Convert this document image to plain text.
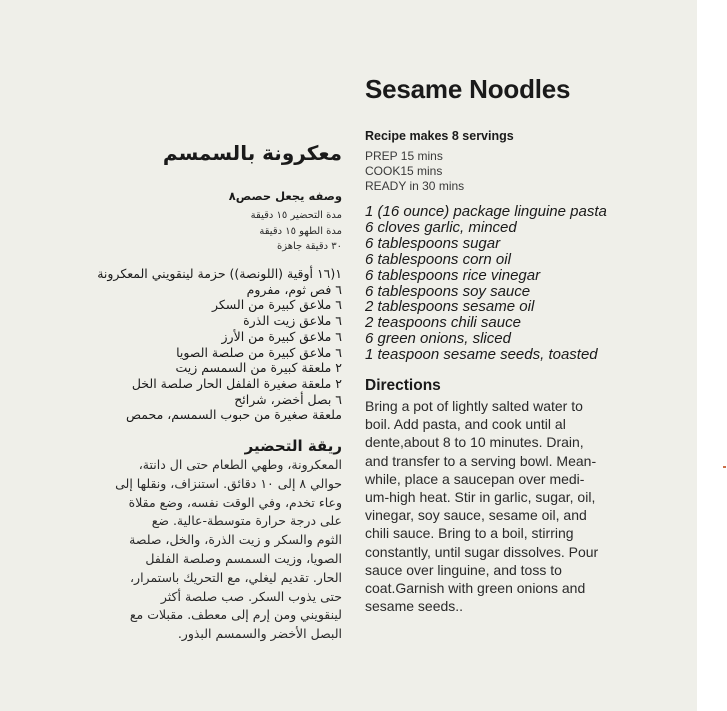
Sesame Noodles
Recipe makes 8 servings
PREP 15 mins
COOK15 mins
READY in 30 mins
1 (16 ounce) package linguine pasta
6 cloves garlic, minced
6 tablespoons sugar
6 tablespoons corn oil
6 tablespoons rice vinegar
6 tablespoons soy sauce
2 tablespoons sesame oil
2 teaspoons chili sauce
6 green onions, sliced
1 teaspoon sesame seeds, toasted
Directions
Bring a pot of lightly salted water to
boil. Add pasta, and cook until al
dente,about 8 to 10 minutes. Drain,
and transfer to a serving bowl. Mean-
while, place a saucepan over medi-
um-high heat. Stir in garlic, sugar, oil,
vinegar, soy sauce, sesame oil, and
chili sauce. Bring to a boil, stirring
constantly, until sugar dissolves. Pour
sauce over linguine, and toss to
coat.Garnish with green onions and
sesame seeds..
معكرونة بالسمسم
وصفه يجعل حصص٨
مدة التحضير ١٥ دقيقة
مدة الطهو ١٥ دقيقة
٣٠ دقيقة جاهزة
١(١٦ أوقية (اللونصة)) حزمة لينقويني المعكرونة
٦ فص ثوم، مفروم
٦ ملاعق كبيرة من السكر
٦ ملاعق زيت الذرة
٦ ملاعق كبيرة من الأرز
٦ ملاعق كبيرة من صلصة الصويا
٢ ملعقة كبيرة من السمسم زيت
٢ ملعقة صغيرة الفلفل الحار صلصة الخل
٦ بصل أخضر، شرائح
ملعقة صغيرة من حبوب السمسم، محمص
ريقة التحضير
المعكرونة، وطهي الطعام حتى ال دانتة،
حوالي ٨ إلى ١٠ دقائق. استنزاف، ونقلها إلى
وعاء تخدم، وفي الوقت نفسه، وضع مقلاة
على درجة حرارة متوسطة-عالية. ضع
الثوم والسكر و زيت الذرة، والخل، صلصة
الصويا، وزيت السمسم وصلصة الفلفل
الحار. تقديم ليغلي، مع التحريك باستمرار،
حتى يذوب السكر. صب صلصة أكثر
لينقويني ومن إرم إلى معطف. مقبلات مع
البصل الأخضر والسمسم البذور.
